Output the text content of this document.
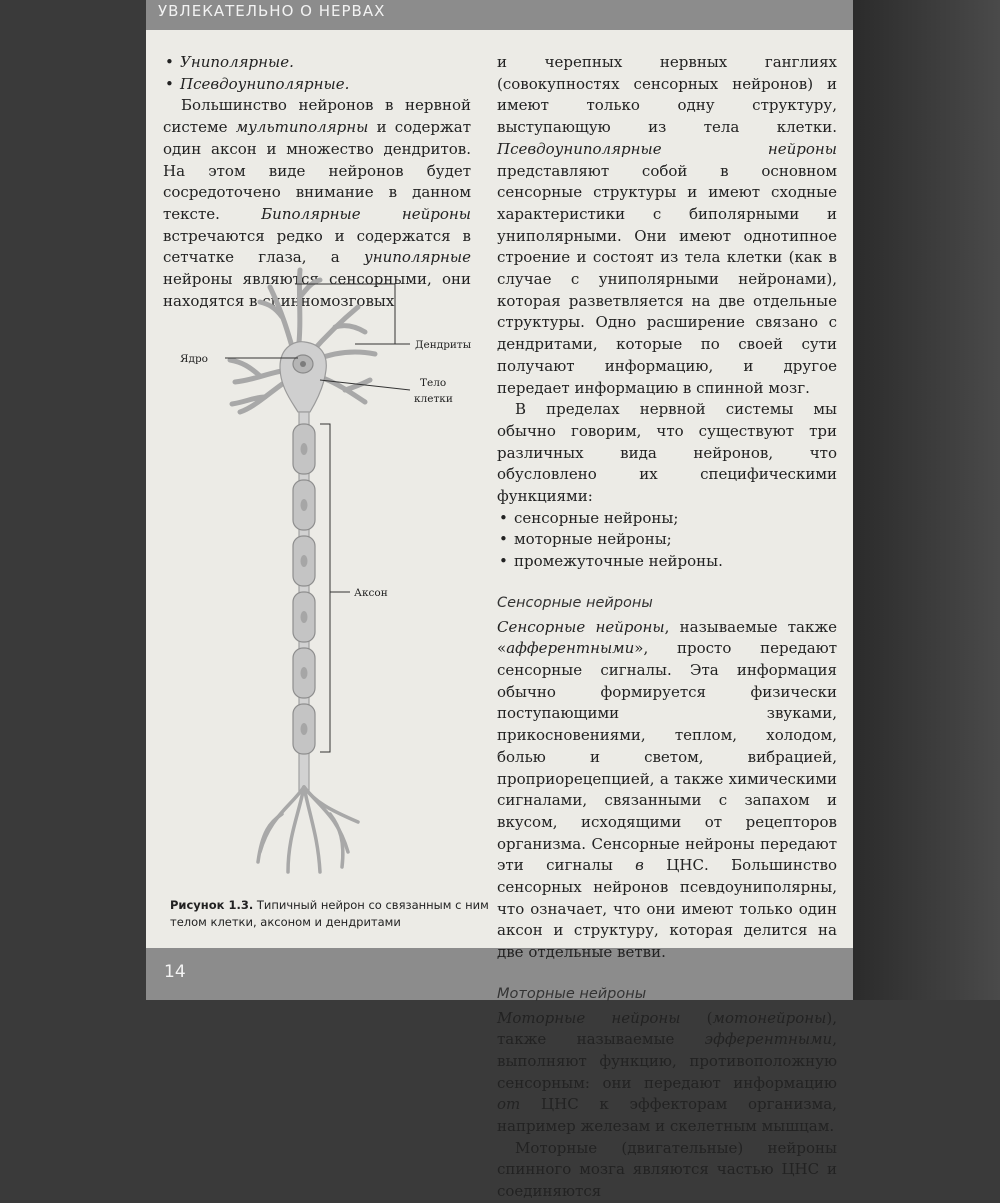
УВЛЕКАТЕЛЬНО О НЕРВАХ
14

• Униполярные.

• Псевдоуниполярные.

Большинство нейронов в нервной системе мультиполярны и содержат один аксон и множество дендритов. На этом виде нейронов будет сосредоточено внимание в данном тексте. Биполярные нейроны встречаются редко и содержатся в сетчатке глаза, а униполярные нейроны являются сенсорными, они находятся в спинномозговых

Дендриты
Ядро
Тело
клетки
Аксон
Рисунок 1.3. Типичный нейрон со связанным с ним телом клетки, аксоном и дендритами

и черепных нервных ганглиях (совокупностях сенсорных нейронов) и имеют только одну структуру, выступающую из тела клетки. Псевдоуниполярные нейроны представляют собой в основном сенсорные структуры и имеют сходные характеристики с биполярными и униполярными. Они имеют однотипное строение и состоят из тела клетки (как в случае с униполярными нейронами), которая разветвляется на две отдельные структуры. Одно расширение связано с дендритами, которые по своей сути получают информацию, и другое передает информацию в спинной мозг.

В пределах нервной системы мы обычно говорим, что существуют три различных вида нейронов, что обусловлено их специфическими функциями:

• сенсорные нейроны;

• моторные нейроны;

• промежуточные нейроны.

Сенсорные нейроны

Сенсорные нейроны, называемые также «афферентными», просто передают сенсорные сигналы. Эта информация обычно формируется физически поступающими звуками, прикосновениями, теплом, холодом, болью и светом, вибрацией, проприорецепцией, а также химическими сигналами, связанными с запахом и вкусом, исходящими от рецепторов организма. Сенсорные нейроны передают эти сигналы в ЦНС. Большинство сенсорных нейронов псевдоуниполярны, что означает, что они имеют только один аксон и структуру, которая делится на две отдельные ветви.

Моторные нейроны

Моторные нейроны (мотонейроны), также называемые эфферентными, выполняют функцию, противоположную сенсорным: они передают информацию от ЦНС к эффекторам организма, например железам и скелетным мышцам.

Моторные (двигательные) нейроны спинного мозга являются частью ЦНС и соединяются
